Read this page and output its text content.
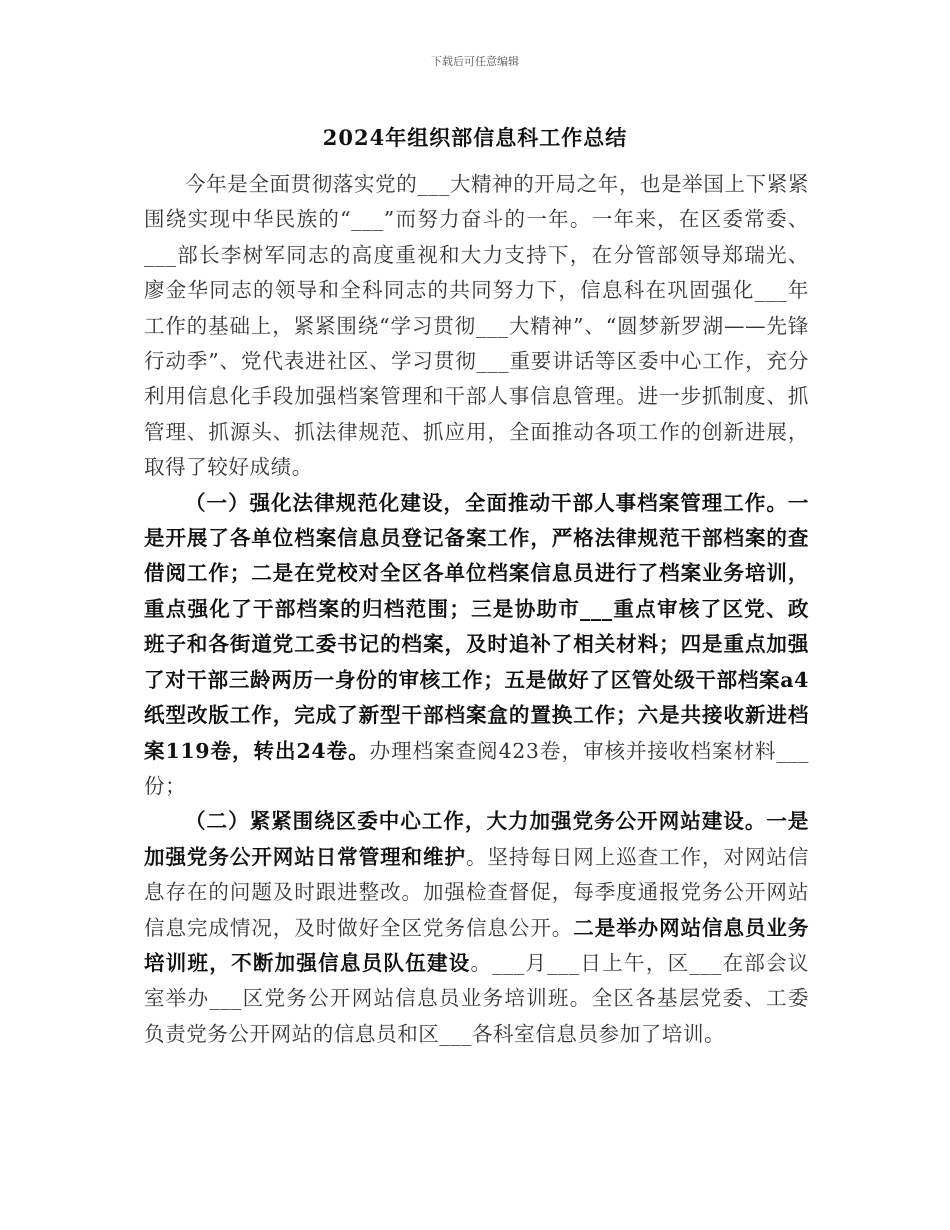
下载后可任意编辑
2024年组织部信息科工作总结

今年是全面贯彻落实党的___大精神的开局之年，也是举国上下紧紧围绕实现中华民族的“___”而努力奋斗的一年。一年来，在区委常委、___部长李树军同志的高度重视和大力支持下，在分管部领导郑瑞光、廖金华同志的领导和全科同志的共同努力下，信息科在巩固强化___年工作的基础上，紧紧围绕“学习贯彻___大精神”、“圆梦新罗湖——先锋行动季”、党代表进社区、学习贯彻___重要讲话等区委中心工作，充分利用信息化手段加强档案管理和干部人事信息管理。进一步抓制度、抓管理、抓源头、抓法律规范、抓应用，全面推动各项工作的创新进展，取得了较好成绩。

（一）强化法律规范化建设，全面推动干部人事档案管理工作。一是开展了各单位档案信息员登记备案工作，严格法律规范干部档案的查借阅工作；二是在党校对全区各单位档案信息员进行了档案业务培训，重点强化了干部档案的归档范围；三是协助市___重点审核了区党、政班子和各街道党工委书记的档案，及时追补了相关材料；四是重点加强了对干部三龄两历一身份的审核工作；五是做好了区管处级干部档案a4纸型改版工作，完成了新型干部档案盒的置换工作；六是共接收新进档案119卷，转出24卷。办理档案查阅423卷，审核并接收档案材料___份；

（二）紧紧围绕区委中心工作，大力加强党务公开网站建设。一是加强党务公开网站日常管理和维护。坚持每日网上巡查工作，对网站信息存在的问题及时跟进整改。加强检查督促，每季度通报党务公开网站信息完成情况，及时做好全区党务信息公开。二是举办网站信息员业务培训班，不断加强信息员队伍建设。___月___日上午，区___在部会议室举办___区党务公开网站信息员业务培训班。全区各基层党委、工委负责党务公开网站的信息员和区___各科室信息员参加了培训。
